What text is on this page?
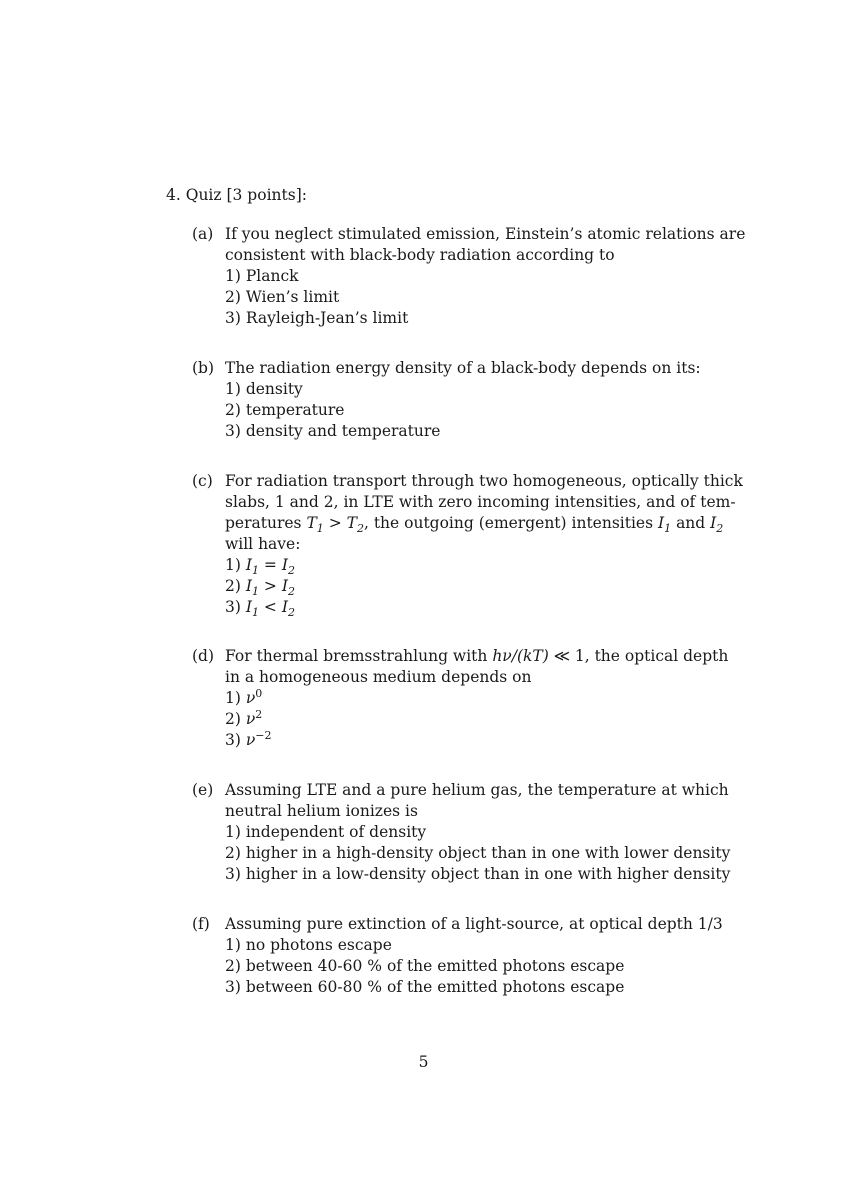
4. Quiz [3 points]:
(a) If you neglect stimulated emission, Einstein’s atomic relations are
consistent with black-body radiation according to
1) Planck
2) Wien’s limit
3) Rayleigh-Jean’s limit
(b) The radiation energy density of a black-body depends on its:
1) density
2) temperature
3) density and temperature
(c) For radiation transport through two homogeneous, optically thick
slabs, 1 and 2, in LTE with zero incoming intensities, and of tem-
peratures $T_1 > T_2$, the outgoing (emergent) intensities $I_1$ and $I_2$
will have:
1) $I_1 = I_2$
2) $I_1 > I_2$
3) $I_1 < I_2$
(d) For thermal bremsstrahlung with hν/(kT) ≪ 1, the optical depth
in a homogeneous medium depends on
1) $\nu^0$
2) $\nu^2$
3) $\nu^{-2}$
(e) Assuming LTE and a pure helium gas, the temperature at which
neutral helium ionizes is
1) independent of density
2) higher in a high-density object than in one with lower density
3) higher in a low-density object than in one with higher density
(f) Assuming pure extinction of a light-source, at optical depth 1/3
1) no photons escape
2) between 40-60 % of the emitted photons escape
3) between 60-80 % of the emitted photons escape
5
